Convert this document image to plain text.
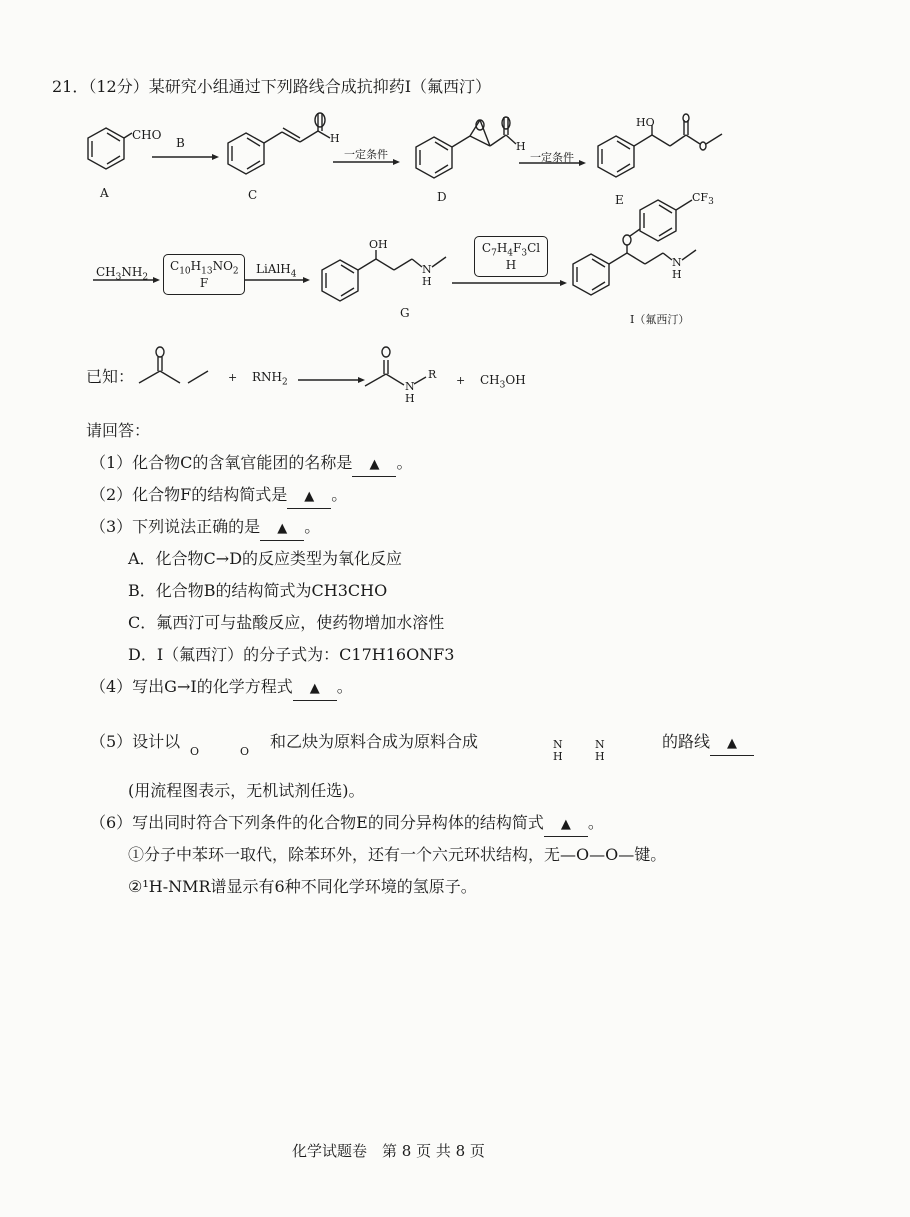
21．（12分）某研究小组通过下列路线合成抗抑药Ⅰ（氟西汀）
CHO
A
B	H
C
一定条件
H
D
一定条件
HO
E
$CH_3NH_2$
$C_{10}H_{13}NO_2$
F
LiAlH$_4$
OH
N
H
G
$C_7H_4F_3Cl$
H
$CF_3$
N
H
Ⅰ（氟西汀）
已知：	+ $RNH_2$
R
N
H
+ $CH_3OH$
请回答：
（1）化合物C的含氧官能团的名称是 ▲ 。
（2）化合物F的结构简式是 ▲ 。
（3）下列说法正确的是 ▲ 。
A．化合物C→D的反应类型为氧化反应
B．化合物B的结构简式为CH3CHO
C．氟西汀可与盐酸反应，使药物增加水溶性
D．Ⅰ（氟西汀）的分子式为：C17H16ONF3
（4）写出G→Ⅰ的化学方程式 ▲ 。
（5）设计以	和乙炔为原料合成为原料合成	的路线 ▲
O	O
N
H
N
H
(用流程图表示，无机试剂任选)。
（6）写出同时符合下列条件的化合物E的同分异构体的结构简式 ▲ 。
①分子中苯环一取代，除苯环外，还有一个六元环状结构，无—O—O—键。
②¹H-NMR谱显示有6种不同化学环境的氢原子。
化学试题卷　第 8 页 共 8 页
